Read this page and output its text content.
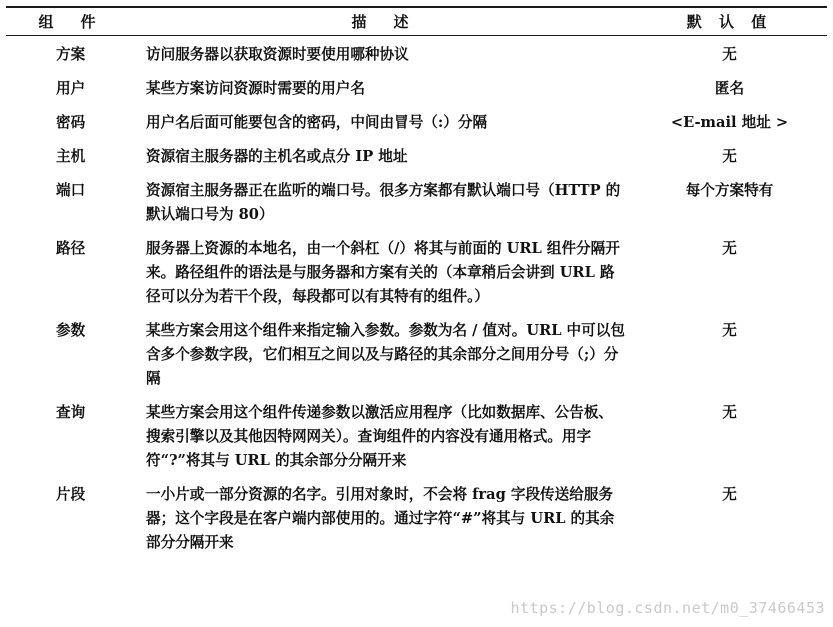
组　件	描　述	默 认 值
方案	访问服务器以获取资源时要使用哪种协议	无
用户	某些方案访问资源时需要的用户名	匿名
密码	用户名后面可能要包含的密码，中间由冒号（:）分隔	<E-mail 地址 >
主机	资源宿主服务器的主机名或点分 IP 地址	无
端口	资源宿主服务器正在监听的端口号。很多方案都有默认端口号（HTTP 的默认端口号为 80）	每个方案特有
路径	服务器上资源的本地名，由一个斜杠（/）将其与前面的 URL 组件分隔开来。路径组件的语法是与服务器和方案有关的（本章稍后会讲到 URL 路径可以分为若干个段，每段都可以有其特有的组件。）	无
参数	某些方案会用这个组件来指定输入参数。参数为名 / 值对。URL 中可以包含多个参数字段，它们相互之间以及与路径的其余部分之间用分号（;）分隔	无
查询	某些方案会用这个组件传递参数以激活应用程序（比如数据库、公告板、搜索引擎以及其他因特网网关）。查询组件的内容没有通用格式。用字符“?”将其与 URL 的其余部分分隔开来	无
片段	一小片或一部分资源的名字。引用对象时，不会将 frag 字段传送给服务器；这个字段是在客户端内部使用的。通过字符“#”将其与 URL 的其余部分分隔开来	无
https://blog.csdn.net/m0_37466453
